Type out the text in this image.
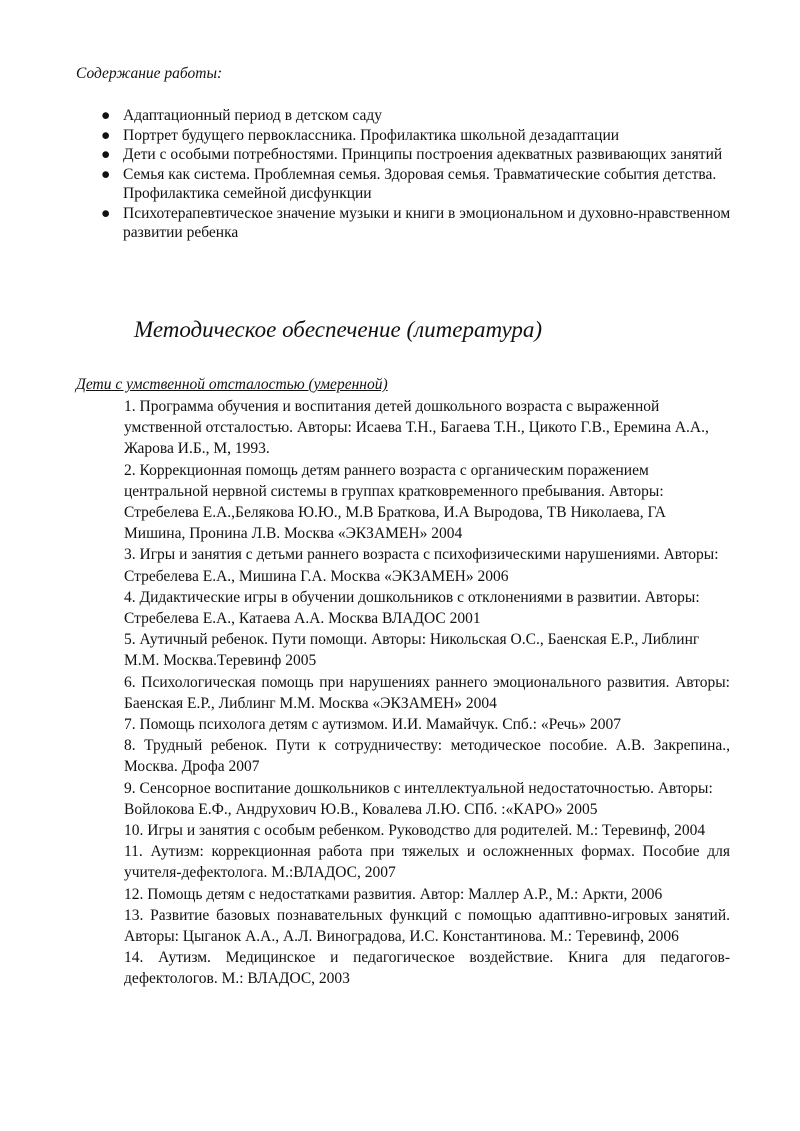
Содержание работы:
● Адаптационный период в детском саду
● Портрет будущего первоклассника. Профилактика школьной дезадаптации
● Дети с особыми потребностями. Принципы построения адекватных развивающих занятий
● Семья как система. Проблемная семья. Здоровая семья. Травматические события детства. Профилактика семейной дисфункции
● Психотерапевтическое значение музыки и книги в эмоциональном и духовно-нравственном развитии ребенка
Методическое обеспечение (литература)
Дети с умственной отсталостью (умеренной)
1. Программа обучения и воспитания детей дошкольного возраста с выраженной умственной отсталостью. Авторы: Исаева Т.Н., Багаева Т.Н., Цикото Г.В., Еремина А.А., Жарова И.Б., М, 1993.
2. Коррекционная помощь детям раннего возраста с органическим поражением центральной нервной системы в группах кратковременного пребывания. Авторы: Стребелева Е.А.,Белякова Ю.Ю., М.В Браткова, И.А Выродова, ТВ Николаева, ГА Мишина, Пронина Л.В. Москва «ЭКЗАМЕН» 2004
3. Игры и занятия с детьми раннего возраста с психофизическими нарушениями. Авторы: Стребелева Е.А., Мишина Г.А. Москва «ЭКЗАМЕН» 2006
4. Дидактические игры в обучении дошкольников с отклонениями в развитии. Авторы: Стребелева Е.А., Катаева А.А. Москва ВЛАДОС 2001
5. Аутичный ребенок. Пути помощи. Авторы: Никольская О.С., Баенская Е.Р., Либлинг М.М. Москва.Теревинф 2005
6. Психологическая помощь при нарушениях раннего эмоционального развития. Авторы: Баенская Е.Р., Либлинг М.М. Москва «ЭКЗАМЕН» 2004
7. Помощь психолога детям с аутизмом. И.И. Мамайчук. Спб.: «Речь» 2007
8. Трудный ребенок. Пути к сотрудничеству: методическое пособие. А.В. Закрепина., Москва. Дрофа 2007
9. Сенсорное воспитание дошкольников с интеллектуальной недостаточностью. Авторы: Войлокова Е.Ф., Андрухович Ю.В., Ковалева Л.Ю. СПб. :«КАРО» 2005
10. Игры и занятия с особым ребенком. Руководство для родителей. М.: Теревинф, 2004
11. Аутизм: коррекционная работа при тяжелых и осложненных формах. Пособие для учителя-дефектолога. М.:ВЛАДОС, 2007
12. Помощь детям с недостатками развития. Автор: Маллер А.Р., М.: Аркти, 2006
13. Развитие базовых познавательных функций с помощью адаптивно-игровых занятий. Авторы: Цыганок А.А., А.Л. Виноградова, И.С. Константинова. М.: Теревинф, 2006
14. Аутизм. Медицинское и педагогическое воздействие. Книга для педагогов-дефектологов. М.: ВЛАДОС, 2003
